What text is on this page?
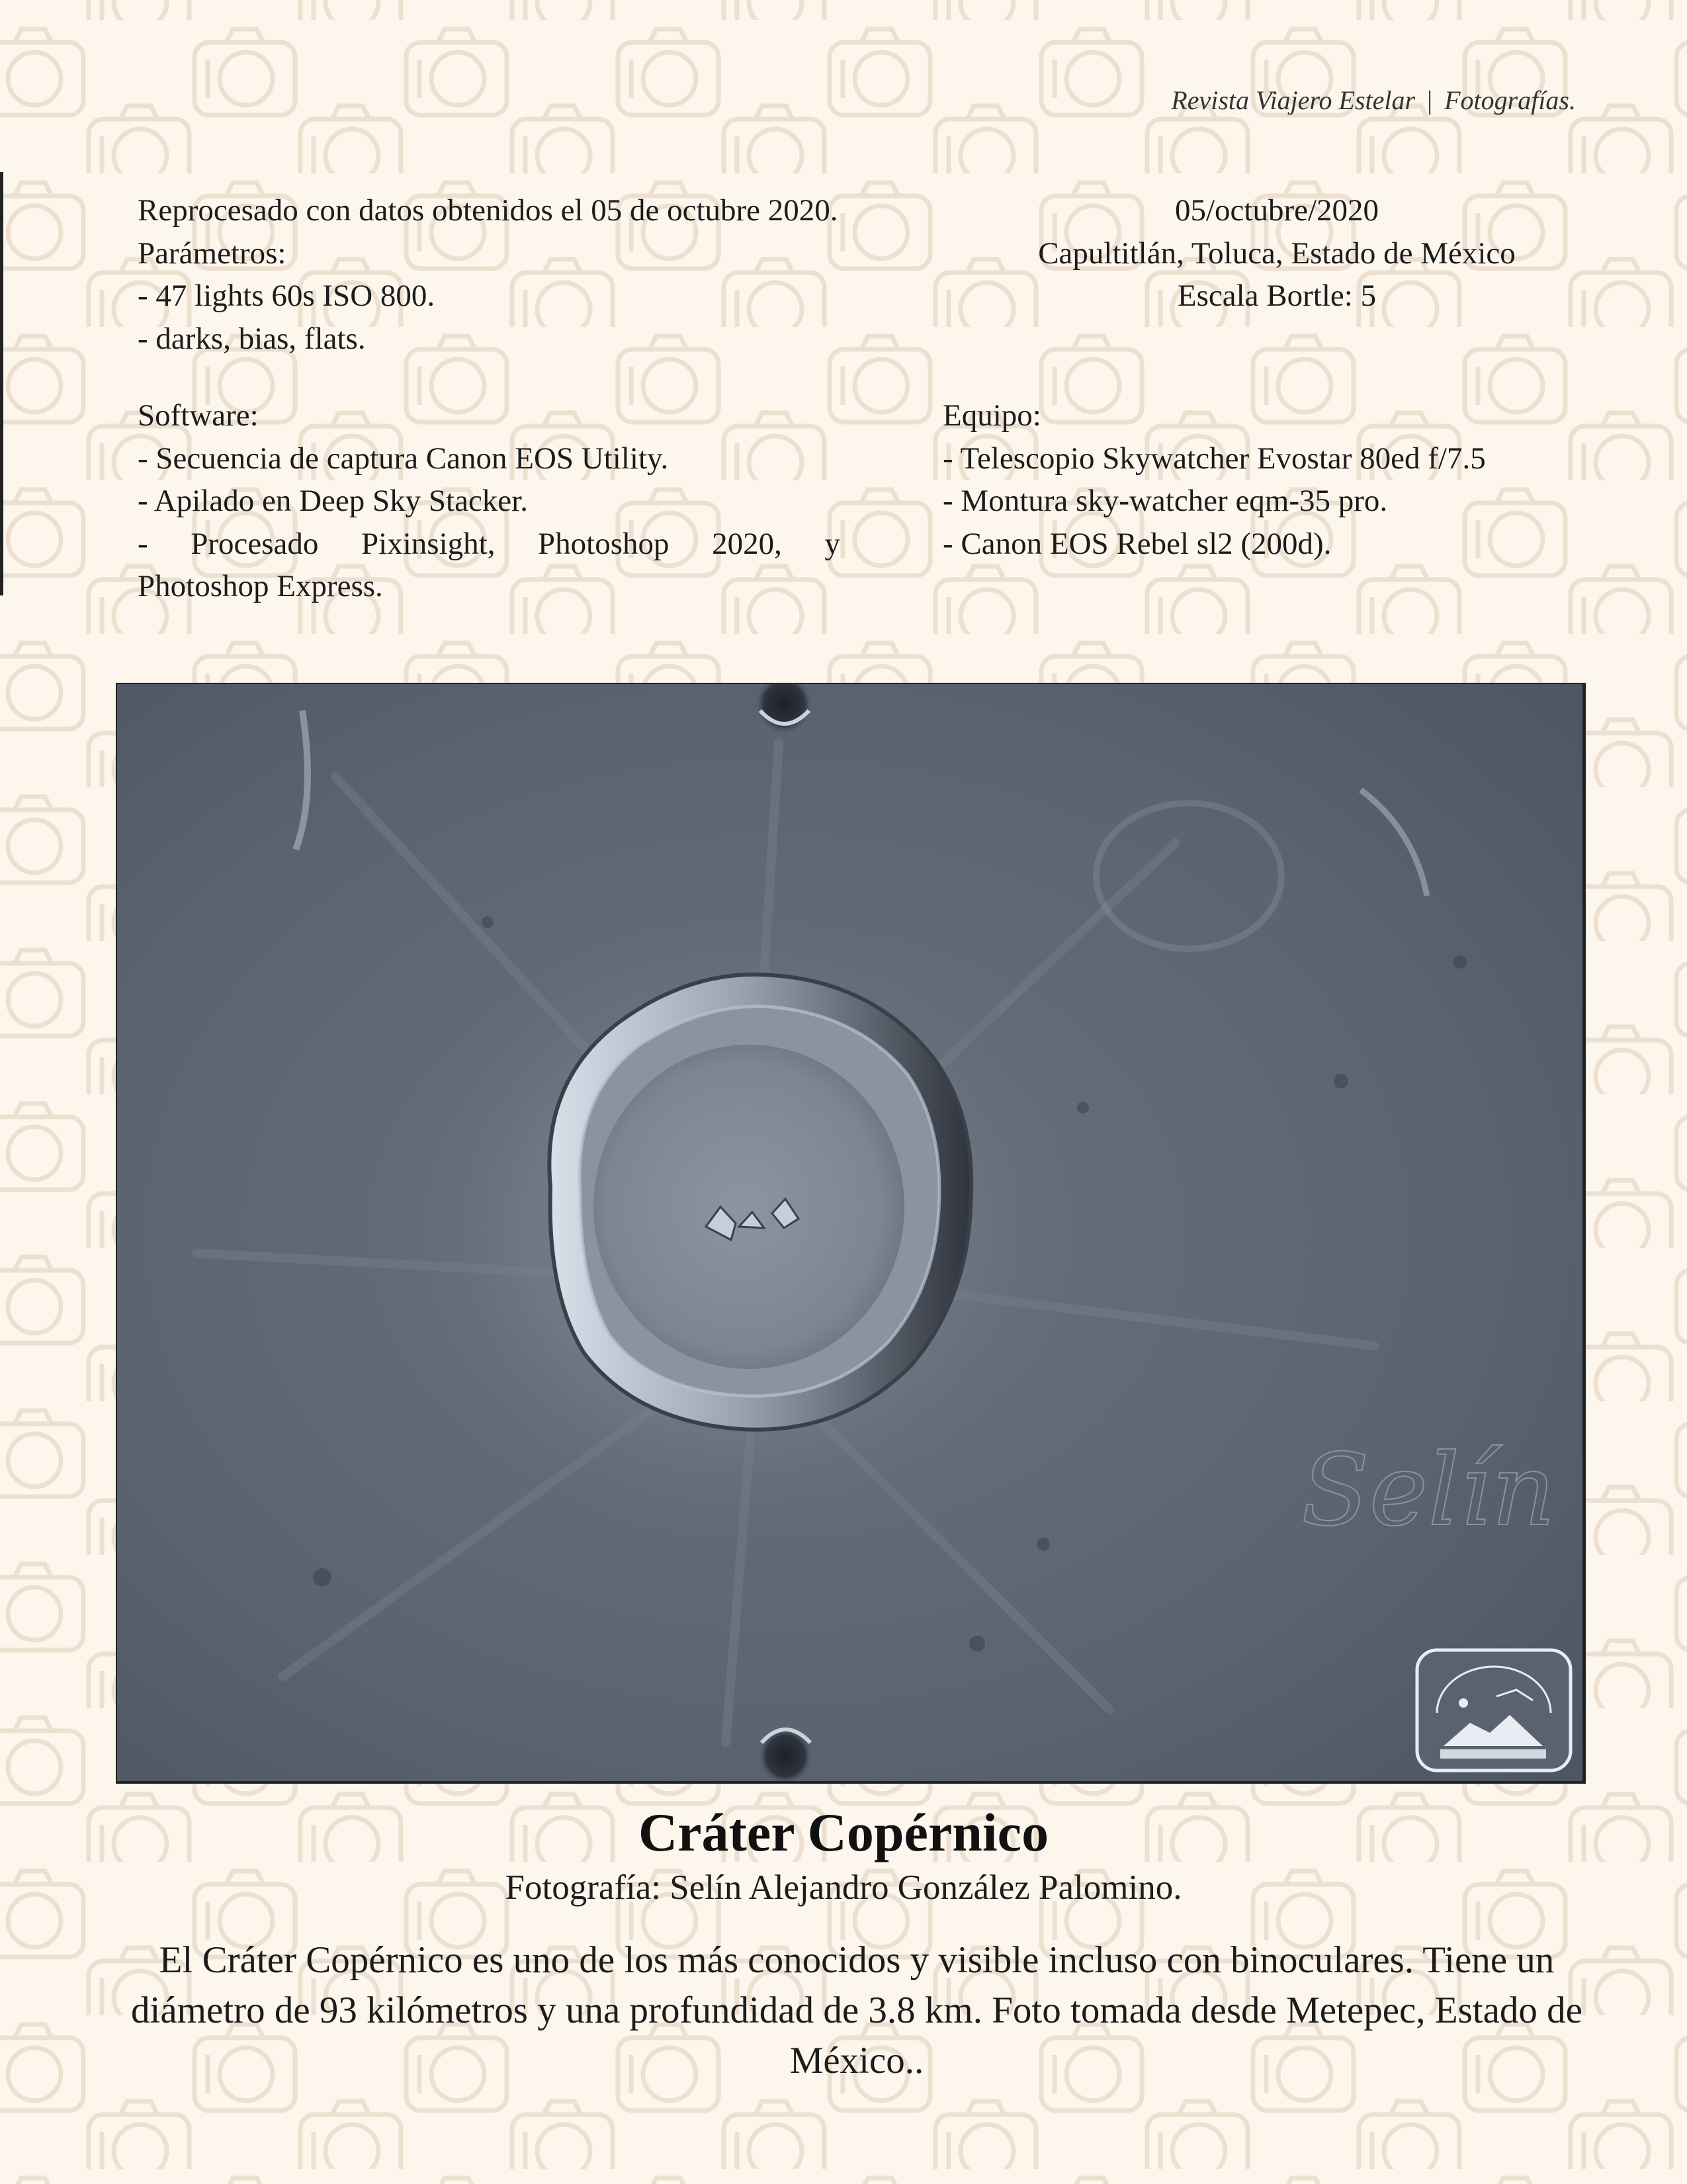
Revista Viajero Estelar | Fotografías.

Reprocesado con datos obtenidos el 05 de octubre 2020.

Parámetros:

- 47 lights 60s ISO 800.

- darks, bias, flats.

05/octubre/2020

Capultitlán, Toluca, Estado de México

Escala Bortle: 5

Software:

- Secuencia de captura Canon EOS Utility.

- Apilado en Deep Sky Stacker.

- Procesado Pixinsight, Photoshop 2020, y

Photoshop Express.

Equipo:

- Telescopio Skywatcher Evostar 80ed f/7.5

- Montura sky-watcher eqm-35 pro.

- Canon EOS Rebel sl2 (200d).

Selín
Cráter Copérnico
Fotografía: Selín Alejandro González Palomino.
El Cráter Copérnico es uno de los más conocidos y visible incluso con binoculares. Tiene un diámetro de 93 kilómetros y una profundidad de 3.8 km. Foto tomada desde Metepec, Estado de México..
